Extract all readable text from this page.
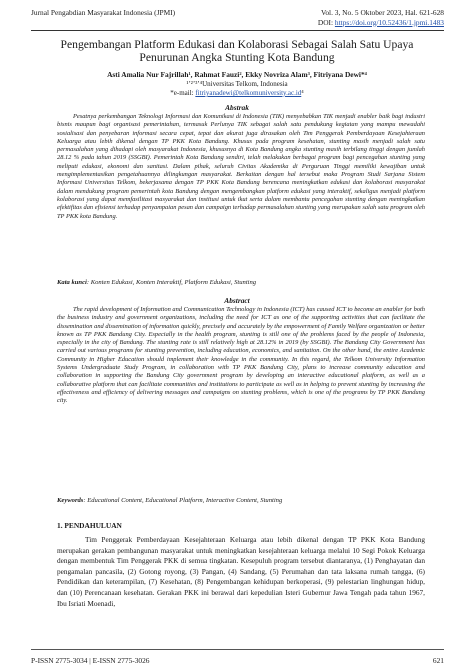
Jurnal Pengabdian Masyarakat Indonesia (JPMI)	Vol. 3, No. 5 Oktober 2023, Hal. 621-628
DOI: https://doi.org/10.52436/1.jpmi.1483
Pengembangan Platform Edukasi dan Kolaborasi Sebagai Salah Satu Upaya Penurunan Angka Stunting Kota Bandung
Asti Amalia Nur Fajrillah¹, Rahmat Fauzi², Ekky Novriza Alam³, Fitriyana Dewi*⁴
¹ʼ²ʼ³ʼ⁴Universitas Telkom, Indonesia
*e-mail: fitriyanadewi@telkomuniversity.ac.id⁴
Abstrak
Pesatnya perkembangan Teknologi Informasi dan Komunikasi di Indonesia (TIK) menyebabkan TIK menjadi enabler baik bagi industri bisnis maupun bagi organisasi pemerintahan, termasuk Perlunya TIK sebagai salah satu pendukung kegiatan yang mampu mewadahi sosialisasi dan penyebaran informasi secara cepat, tepat dan akurat juga dirasakan oleh Tim Penggerak Pemberdayaan Kesejahteraan Keluarga atau lebih dikenal dengan TP PKK Kota Bandung. Khusus pada program kesehatan, stunting masih menjadi salah satu permasalahan yang dihadapi oleh masyarakat Indonesia, khususnya di Kota Bandung angka stunting masih terbilang tinggi dengan jumlah 28.12 % pada tahun 2019 (SSGBI). Pemerintah Kota Bandung sendiri, telah melakukan berbagai program bagi pencegahan stunting yang meliputi edukasi, ekonomi dan sanitasi. Dalam pihak, seluruh Civitas Akademika di Perguruan Tinggi memiliki kewajiban untuk mengimplementasikan pengetahuannya dilingkungan masyarakat. Berkaitan dengan hal tersebut maka Program Studi Sarjana Sistem Informasi Universitas Telkom, bekerjasama dengan TP PKK Kota Bandung berencana meningkatkan edukasi dan kolaborasi masyarakat dalam mendukung program pemerintah kota Bandung dengan mengembangkan platform edukasi yang interaktif, sekaligus menjadi platform kolaborasi yang dapat memfasilitasi masyarakat dan institusi untuk ikut serta dalam membantu pencegahan stunting dengan meningkatkan efektifitas dan efisiensi terhadap penyampaian pesan dan campaign terhadap permasalahan stunting yang merupakan salah satu program oleh TP PKK kota Bandung.
Kata kunci: Konten Edukasi, Konten Interaktif, Platform Edukasi, Stunting
Abstract
The rapid development of Information and Communication Technology in Indonesia (ICT) has caused ICT to become an enabler for both the business industry and government organizations, including the need for ICT as one of the supporting activities that can facilitate the dissemination and dissemination of information quickly, precisely and accurately by the empowerment of Family Welfare organization or better known as TP PKK Bandung City. Especially in the health program, stunting is still one of the problems faced by the people of Indonesia, especially in the city of Bandung. The stunting rate is still relatively high at 28.12% in 2019 (by SSGBI). The Bandung City Government has carried out various programs for stunting prevention, including education, economics, and sanitation. On the other hand, the entire Academic Community in Higher Education should implement their knowledge in the community. In this regard, the Telkom University Information Systems Undergraduate Study Program, in collaboration with TP PKK Bandung City, plans to increase community education and collaboration in supporting the Bandung City government program by developing an interactive educational platform, as well as a collaborative platform that can facilitate communities and institutions to participate as well as in helping to prevent stunting by increasing the effectiveness and efficiency of delivering messages and campaigns on stunting problems, which is one of the programs by TP PKK Bandung city.
Keywords: Educational Content, Educational Platform, Interactive Content, Stunting
1. PENDAHULUAN
Tim Penggerak Pemberdayaan Kesejahteraan Keluarga atau lebih dikenal dengan TP PKK Kota Bandung merupakan gerakan pembangunan masyarakat untuk meningkatkan kesejahteraan keluarga melalui 10 Segi Pokok Keluarga dengan membentuk Tim Penggerak PKK di semua tingkatan. Kesepuluh program tersebut diantaranya, (1) Penghayatan dan pengamalan pancasila, (2) Gotong royong, (3) Pangan, (4) Sandang, (5) Perumahan dan tata laksana rumah tangga, (6) Pendidikan dan keterampilan, (7) Kesehatan, (8) Pengembangan kehidupan berkoperasi, (9) pelestarian linghungan hidup, dan (10) Perencanaan kesehatan. Gerakan PKK ini berawal dari kepedulian Isteri Gubernur Jawa Tengah pada tahun 1967, Ibu Isriati Moenadi,
P-ISSN 2775-3034 | E-ISSN 2775-3026	621
